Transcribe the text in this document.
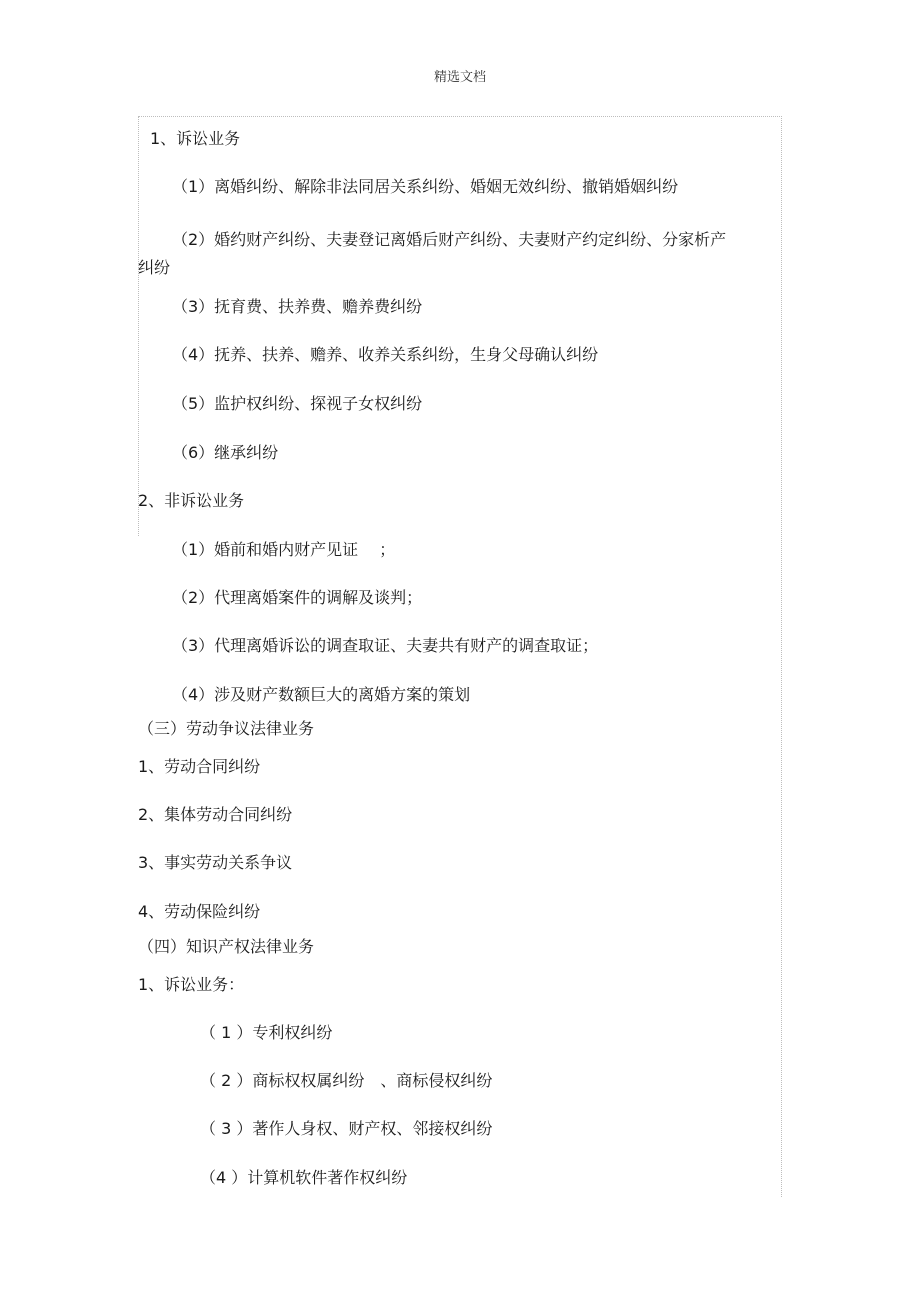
精选文档
1、诉讼业务
（1）离婚纠纷、解除非法同居关系纠纷、婚姻无效纠纷、撤销婚姻纠纷
（2）婚约财产纠纷、夫妻登记离婚后财产纠纷、夫妻财产约定纠纷、分家析产纠纷
（3）抚育费、扶养费、赡养费纠纷
（4）抚养、扶养、赡养、收养关系纠纷，生身父母确认纠纷
（5）监护权纠纷、探视子女权纠纷
（6）继承纠纷
2、非诉讼业务
（1）婚前和婚内财产见证　 ；
（2）代理离婚案件的调解及谈判；
（3）代理离婚诉讼的调查取证、夫妻共有财产的调查取证；
（4）涉及财产数额巨大的离婚方案的策划
（三）劳动争议法律业务
1、劳动合同纠纷
2、集体劳动合同纠纷
3、事实劳动关系争议
4、劳动保险纠纷
（四）知识产权法律业务
1、诉讼业务：
（ 1 ）专利权纠纷
（ 2 ）商标权权属纠纷　、商标侵权纠纷
（ 3 ）著作人身权、财产权、邻接权纠纷
（4 ）计算机软件著作权纠纷
